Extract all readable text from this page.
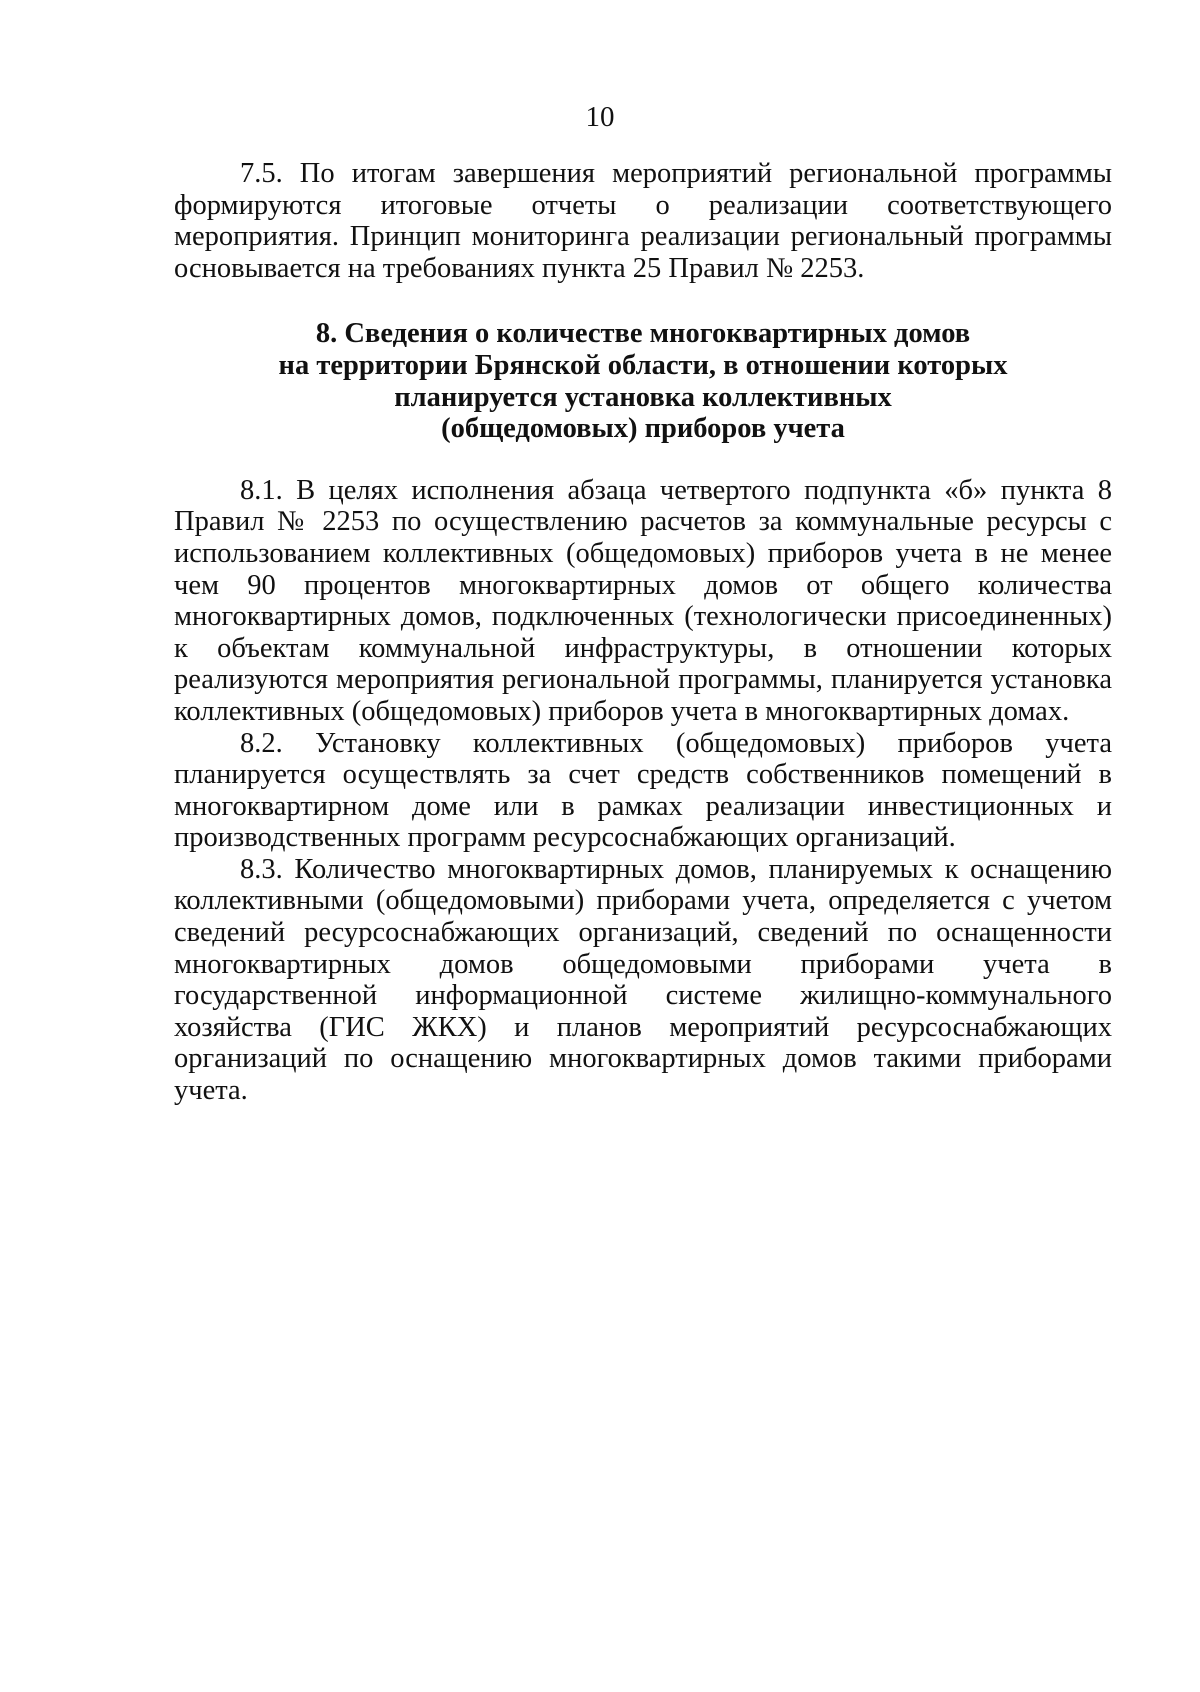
10

7.5. По итогам завершения мероприятий региональной программы формируются итоговые отчеты о реализации соответствующего мероприятия. Принцип мониторинга реализации региональный программы основывается на требованиях пункта 25 Правил № 2253.

8. Сведения о количестве многоквартирных домов
на территории Брянской области, в отношении которых
планируется установка коллективных
(общедомовых) приборов учета

8.1. В целях исполнения абзаца четвертого подпункта «б» пункта 8 Правил № 2253 по осуществлению расчетов за коммунальные ресурсы с использованием коллективных (общедомовых) приборов учета в не менее чем 90 процентов многоквартирных домов от общего количества многоквартирных домов, подключенных (технологически присоединенных) к объектам коммунальной инфраструктуры, в отношении которых реализуются мероприятия региональной программы, планируется установка коллективных (общедомовых) приборов учета в многоквартирных домах.

8.2. Установку коллективных (общедомовых) приборов учета планируется осуществлять за счет средств собственников помещений в многоквартирном доме или в рамках реализации инвестиционных и производственных программ ресурсоснабжающих организаций.

8.3. Количество многоквартирных домов, планируемых к оснащению коллективными (общедомовыми) приборами учета, определяется с учетом сведений ресурсоснабжающих организаций, сведений по оснащенности многоквартирных домов общедомовыми приборами учета в государственной информационной системе жилищно-коммунального хозяйства (ГИС ЖКХ) и планов мероприятий ресурсоснабжающих организаций по оснащению многоквартирных домов такими приборами учета.
